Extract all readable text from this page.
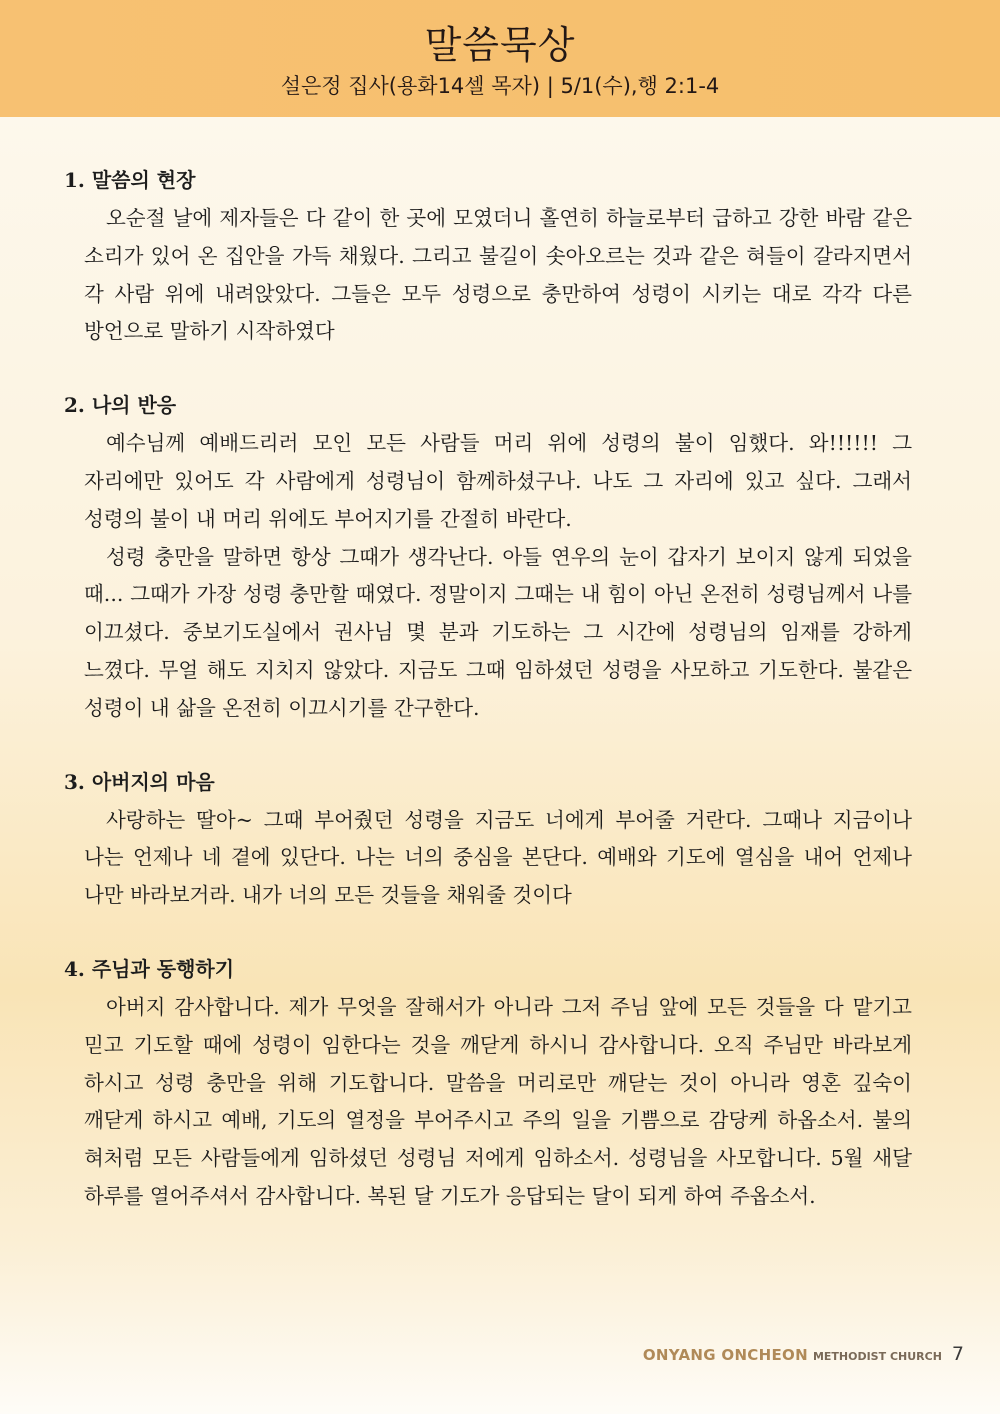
말씀묵상
설은정 집사(용화14셀 목자) | 5/1(수),행 2:1-4
1. 말씀의 현장

오순절 날에 제자들은 다 같이 한 곳에 모였더니 홀연히 하늘로부터 급하고 강한 바람 같은 소리가 있어 온 집안을 가득 채웠다. 그리고 불길이 솟아오르는 것과 같은 혀들이 갈라지면서 각 사람 위에 내려앉았다. 그들은 모두 성령으로 충만하여 성령이 시키는 대로 각각 다른 방언으로 말하기 시작하였다

2. 나의 반응

예수님께 예배드리러 모인 모든 사람들 머리 위에 성령의 불이 임했다. 와!!!!!! 그 자리에만 있어도 각 사람에게 성령님이 함께하셨구나. 나도 그 자리에 있고 싶다. 그래서 성령의 불이 내 머리 위에도 부어지기를 간절히 바란다.

성령 충만을 말하면 항상 그때가 생각난다. 아들 연우의 눈이 갑자기 보이지 않게 되었을 때... 그때가 가장 성령 충만할 때였다. 정말이지 그때는 내 힘이 아닌 온전히 성령님께서 나를 이끄셨다. 중보기도실에서 권사님 몇 분과 기도하는 그 시간에 성령님의 임재를 강하게 느꼈다. 무얼 해도 지치지 않았다. 지금도 그때 임하셨던 성령을 사모하고 기도한다. 불같은 성령이 내 삶을 온전히 이끄시기를 간구한다.

3. 아버지의 마음

사랑하는 딸아~ 그때 부어줬던 성령을 지금도 너에게 부어줄 거란다. 그때나 지금이나 나는 언제나 네 곁에 있단다. 나는 너의 중심을 본단다. 예배와 기도에 열심을 내어 언제나 나만 바라보거라. 내가 너의 모든 것들을 채워줄 것이다

4. 주님과 동행하기

아버지 감사합니다. 제가 무엇을 잘해서가 아니라 그저 주님 앞에 모든 것들을 다 맡기고 믿고 기도할 때에 성령이 임한다는 것을 깨닫게 하시니 감사합니다. 오직 주님만 바라보게 하시고 성령 충만을 위해 기도합니다. 말씀을 머리로만 깨닫는 것이 아니라 영혼 깊숙이 깨닫게 하시고 예배, 기도의 열정을 부어주시고 주의 일을 기쁨으로 감당케 하옵소서. 불의 혀처럼 모든 사람들에게 임하셨던 성령님 저에게 임하소서. 성령님을 사모합니다. 5월 새달 하루를 열어주셔서 감사합니다. 복된 달 기도가 응답되는 달이 되게 하여 주옵소서.

ONYANG ONCHEON METHODIST CHURCH 7
